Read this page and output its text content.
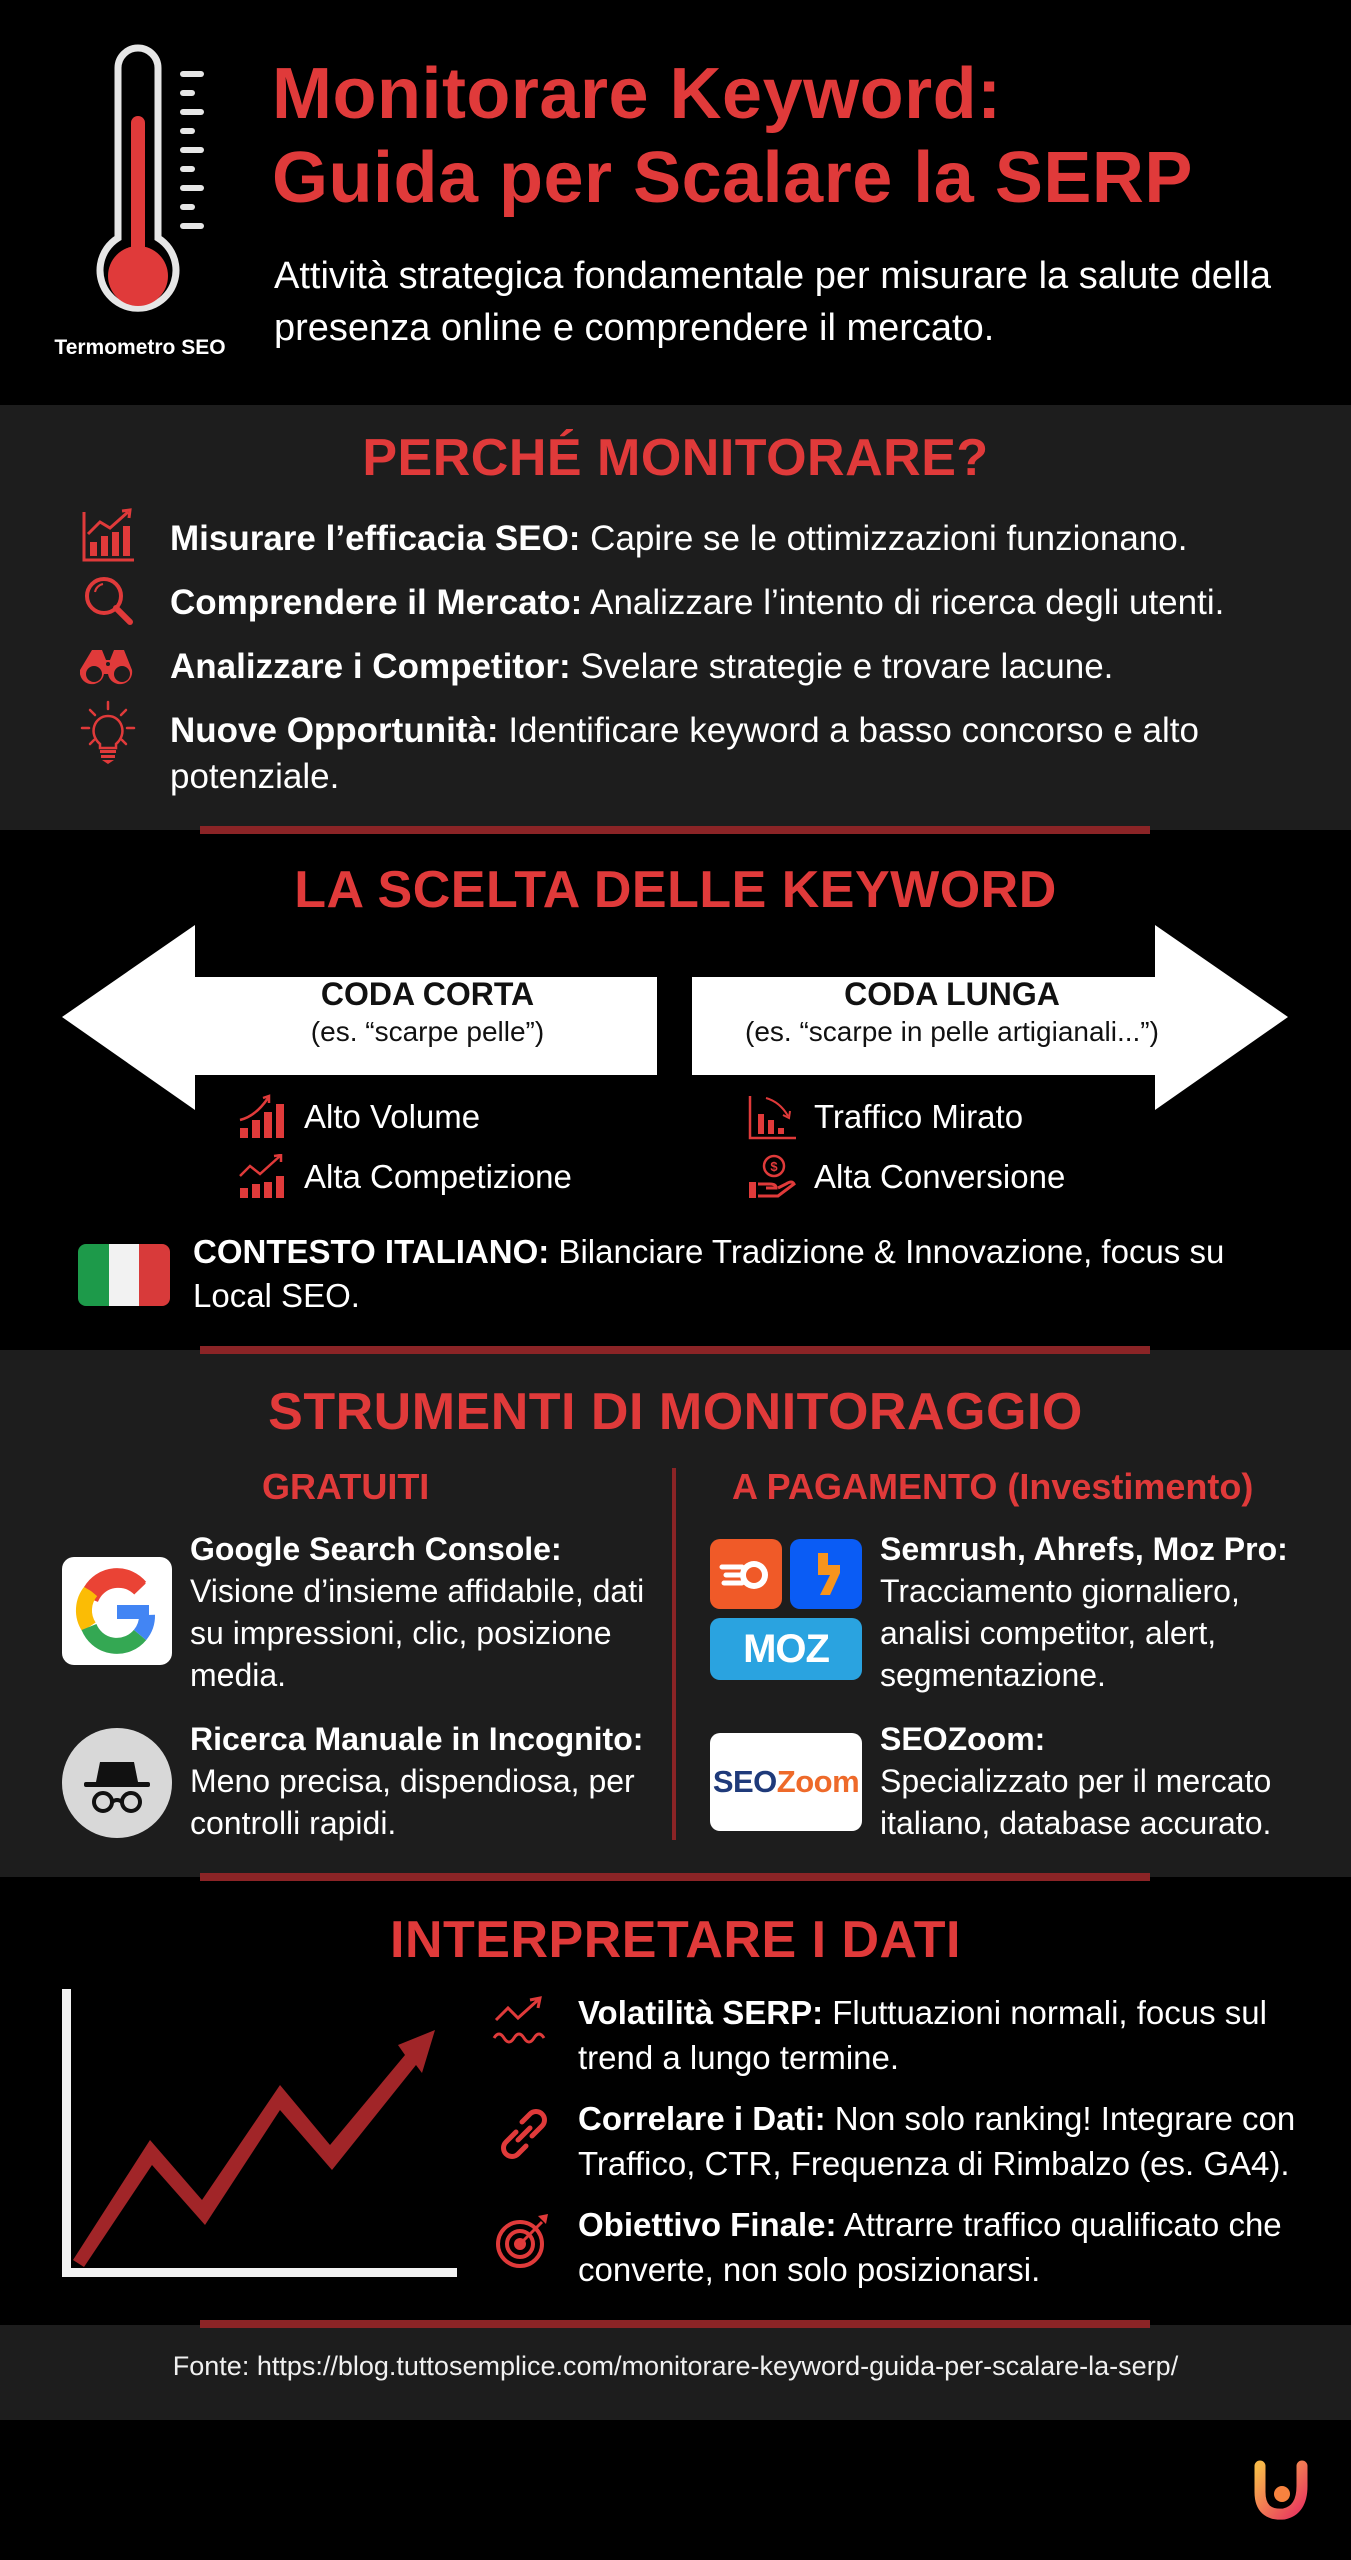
Termometro SEO
Monitorare Keyword:
Guida per Scalare la SERP
Attività strategica fondamentale per misurare la salute della presenza online e comprendere il mercato.
PERCHÉ MONITORARE?
Misurare l’efficacia SEO: Capire se le ottimizzazioni funzionano.
Comprendere il Mercato: Analizzare l’intento di ricerca degli utenti.
Analizzare i Competitor: Svelare strategie e trovare lacune.
Nuove Opportunità: Identificare keyword a basso concorso e alto potenziale.
LA SCELTA DELLE KEYWORD
CODA CORTA
(es. “scarpe pelle”)
CODA LUNGA
(es. “scarpe in pelle artigianali...”)
Alto Volume
Alta Competizione
Traffico Mirato
$ Alta Conversione
CONTESTO ITALIANO: Bilanciare Tradizione & Innovazione, focus su Local SEO.
STRUMENTI DI MONITORAGGIO
GRATUITI	A PAGAMENTO (Investimento)
Google Search Console:
Visione d’insieme affidabile, dati su impressioni, clic, posizione media.
Ricerca Manuale in Incognito:
Meno precisa, dispendiosa, per controlli rapidi.
MOZ
Semrush, Ahrefs, Moz Pro:
Tracciamento giornaliero, analisi competitor, alert, segmentazione.
SEOZoom
SEOZoom:
Specializzato per il mercato italiano, database accurato.
INTERPRETARE I DATI
Volatilità SERP: Fluttuazioni normali, focus sul trend a lungo termine.
Correlare i Dati: Non solo ranking! Integrare con Traffico, CTR, Frequenza di Rimbalzo (es. GA4).
Obiettivo Finale: Attrarre traffico qualificato che converte, non solo posizionarsi.
Fonte: https://blog.tuttosemplice.com/monitorare-keyword-guida-per-scalare-la-serp/
